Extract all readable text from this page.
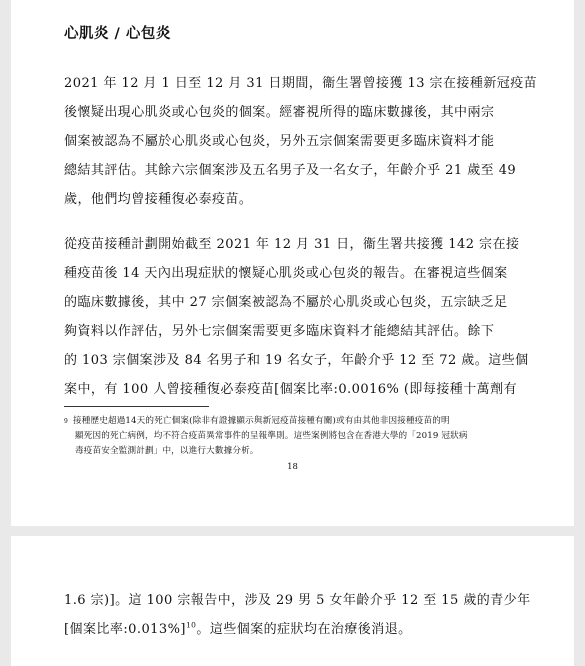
心肌炎 / 心包炎
2021 年 12 月 1 日至 12 月 31 日期間，衞生署曾接獲 13 宗在接種新冠疫苗
後懷疑出現心肌炎或心包炎的個案。經審視所得的臨床數據後，其中兩宗
個案被認為不屬於心肌炎或心包炎，另外五宗個案需要更多臨床資料才能
總結其評估。其餘六宗個案涉及五名男子及一名女子，年齡介乎 21 歲至 49
歲，他們均曾接種復必泰疫苗。
從疫苗接種計劃開始截至 2021 年 12 月 31 日，衞生署共接獲 142 宗在接
種疫苗後 14 天內出現症狀的懷疑心肌炎或心包炎的報告。在審視這些個案
的臨床數據後，其中 27 宗個案被認為不屬於心肌炎或心包炎，五宗缺乏足
夠資料以作評估，另外七宗個案需要更多臨床資料才能總結其評估。餘下
的 103 宗個案涉及 84 名男子和 19 名女子，年齡介乎 12 至 72 歲。這些個
案中，有 100 人曾接種復必泰疫苗[個案比率:0.0016% (即每接種十萬劑有
$^9$ 接種歷史超過14天的死亡個案(除非有證據顯示與新冠疫苗接種有關)或有由其他非因接種疫苗的明
顯死因的死亡病例，均不符合疫苗異常事件的呈報準則。這些案例將包含在香港大學的「2019 冠狀病
毒疫苗安全監測計劃」中，以進行大數據分析。
18
1.6 宗)]。這 100 宗報告中，涉及 29 男 5 女年齡介乎 12 至 15 歲的青少年
[個案比率:0.013%]$^{10}$。這些個案的症狀均在治療後消退。
